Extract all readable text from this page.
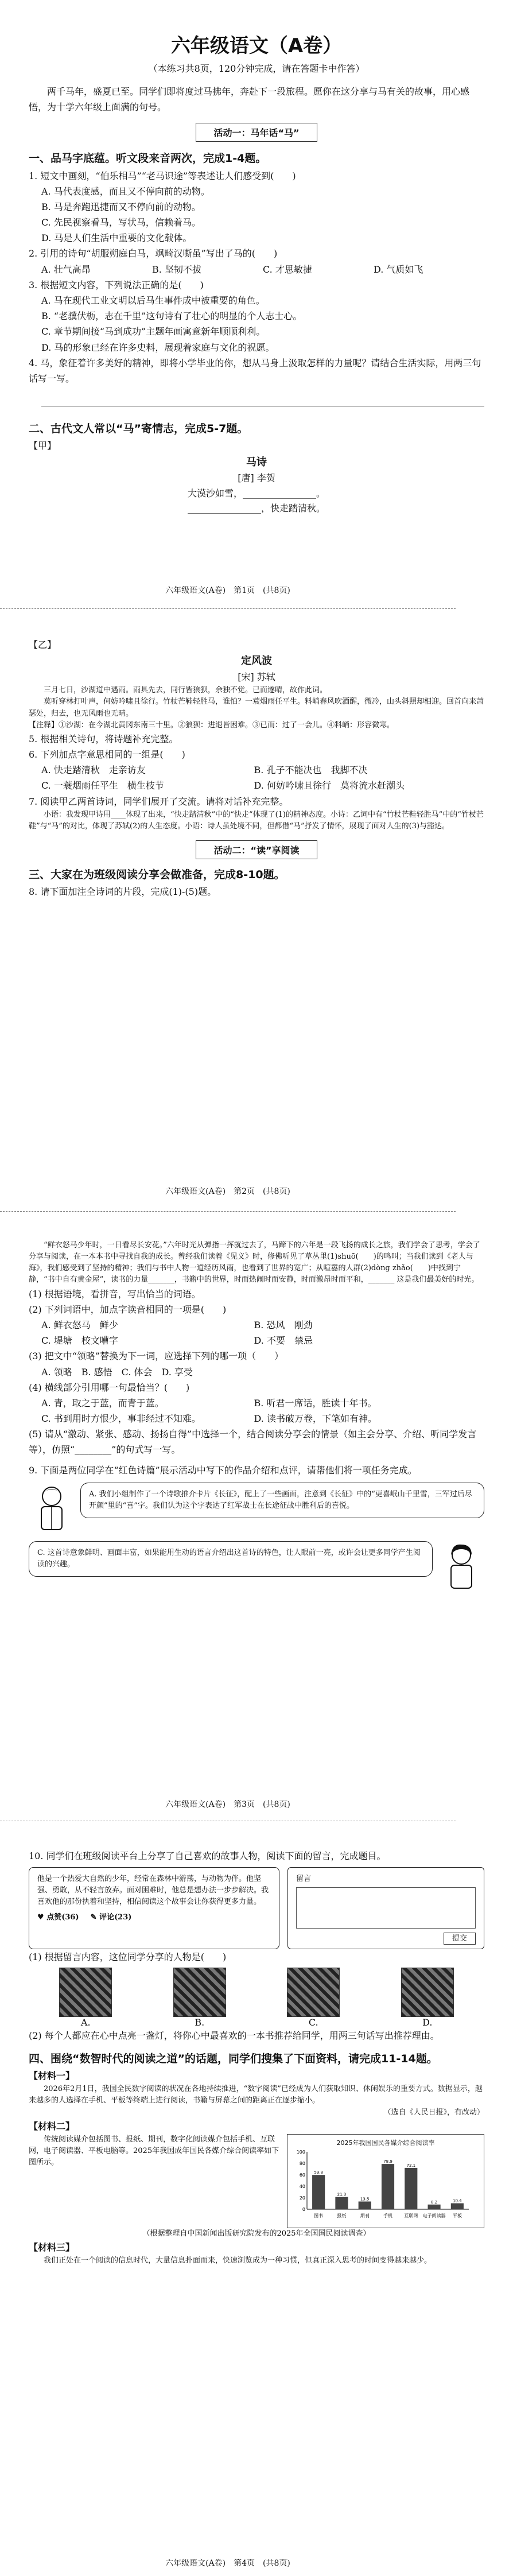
六年级语文（A卷）

（本练习共8页，120分钟完成，请在答题卡中作答）

两千马年，盛夏已至。同学们即将度过马拂年，奔赴下一段旅程。愿你在这分享与马有关的故事，用心感悟，为十学六年级上面满的句号。

活动一：马年话“马”

一、品马字底蕴。听文段来音两次，完成1-4题。

1. 短文中画刻，“伯乐相马”“老马识途”等表述让人们感受到(　　)

A. 马代表度感，而且又不停向前的动物。

B. 马是奔跑迅捷而又不停向前的动物。

C. 先民视察看马，写状马，信赖着马。

D. 马是人们生活中重要的文化载体。

2. 引用的诗句“胡服朔庭白马，飒畸汉嘶虽”写出了马的(　　)

A. 壮气高昂	B. 坚韧不拔	C. 才思敏捷	D. 气质如飞

3. 根据短文内容，下列说法正确的是(　　)

A. 马在现代工业文明以后马生事件成中被重要的角色。

B. “老骥伏枥，志在千里”这句诗有了壮心的明显的个人志士心。

C. 章节期间接“马到成功”主题年画寓意新年顺顺利利。

D. 马的形象已经在许多史料，展现着家庭与文化的祝愿。

4. 马，象征着许多美好的精神，即将小学毕业的你，想从马身上汲取怎样的力量呢？请结合生活实际，用两三句话写一写。

二、古代文人常以“马”寄情志，完成5-7题。

【甲】

马诗

[唐] 李贺

大漠沙如雪，________________。

________________，快走踏清秋。

六年级语文(A卷)　第1页　(共8页)

【乙】

定风波

[宋] 苏轼

三月七日，沙湖道中遇雨。雨具先去，同行皆狼狈，余独不觉。已而遂晴，故作此词。

莫听穿林打叶声，何妨吟啸且徐行。竹杖芒鞋轻胜马，谁怕？一蓑烟雨任平生。料峭春风吹酒醒，微冷，山头斜照却相迎。回首向来萧瑟处，归去，也无风雨也无晴。

【注释】①沙湖：在今湖北黄冈东南三十里。②狼狈：进退皆困难。③已而：过了一会儿。④料峭：形容微寒。

5. 根据相关诗句，将诗题补充完整。

6. 下列加点字意思相同的一组是(　　)

A. 快走踏清秋　走亲访友	B. 孔子不能决也　我脚不决
C. 一蓑烟雨任平生　横生枝节	D. 何妨吟啸且徐行　莫将流水赶潮头

7. 阅读甲乙两首诗词，同学们展开了交流。请将对话补充完整。

小语：我发现甲诗用____体现了出来，“快走踏清秋”中的“快走”体现了(1)的精神态度。小诗：乙词中有“竹杖芒鞋轻胜马”中的“竹杖芒鞋”与“马”的对比，体现了苏轼(2)的人生态度。小语：诗人虽处境不同，但都借“马”抒发了情怀，展现了面对人生的(3)与豁达。

活动二：“读”享阅读

三、大家在为班级阅读分享会做准备，完成8-10题。

8. 请下面加注全诗词的片段，完成(1)-(5)题。

六年级语文(A卷)　第2页　(共8页)

“鲜衣怒马少年时，一日看尽长安花。”六年时光从弹指一挥就过去了，马蹄下的六年是一段飞扬的成长之旅，我们学会了思考，学会了分享与阅读，在一本本书中寻找自我的成长。曾经我们读着《见义》时，修佛听见了草丛里(1)shuō(　　)的鸣叫；当我们读到《老人与海》，我们感受到了坚持的精神；我们与书中人物一道经历风雨，也看到了世界的宽广；从喧嚣的人群(2)dòng zhǎo(　　)中找到宁静，“书中自有黄金屋”，读书的力量_______，书籍中的世界，时而热闹时而安静，时而激昂时而平和，_______ 这是我们最美好的时光。

(1) 根据语境，看拼音，写出恰当的词语。

(2) 下列词语中，加点字读音相同的一项是(　　)

A. 鲜衣怒马　鲜少	B. 恐风　刚劲
C. 堤塘　校文嘈字	D. 不要　禁忌

(3) 把文中“领略”替换为下一词，应选择下列的哪一项（　　）

A. 领略　B. 感悟　C. 体会　D. 享受

(4) 横线部分引用哪一句最恰当？(　　)

A. 青，取之于蓝，而青于蓝。	B. 听君一席话，胜读十年书。
C. 书到用时方恨少，事非经过不知难。	D. 读书破万卷，下笔如有神。

(5) 请从“激动、紧张、感动、扬扬自得”中选择一个，结合阅读分享会的情景（如主会分享、介绍、听同学发言等），仿照“________”的句式写一写。

9. 下面是两位同学在“红色诗篇”展示活动中写下的作品介绍和点评，请帮他们将一项任务完成。

A. 我们小组制作了一个诗歌推介卡片《长征》，配上了一些画面，注意到《长征》中的“更喜岷山千里雪，三军过后尽开颜”里的“喜”字。我们认为这个字表达了红军战士在长途征战中胜利后的喜悦。
C. 这首诗意象鲜明、画面丰富，如果能用生动的语言介绍出这首诗的特色，让人眼前一亮，或许会让更多同学产生阅读的兴趣。
六年级语文(A卷)　第3页　(共8页)

10. 同学们在班级阅读平台上分享了自己喜欢的故事人物，阅读下面的留言，完成题目。

他是一个热爱大自然的少年，经常在森林中游荡，与动物为伴。他坚强、勇敢，从不轻言放弃。面对困难时，他总是想办法一步步解决。我喜欢他的那份执着和坚持，相信阅读这个故事会让你获得更多力量。
♥ 点赞(36) ✎ 评论(23)
留言
提交

(1) 根据留言内容，这位同学分享的人物是(　　)

A.	B.	C.	D.

(2) 每个人都应在心中点亮一盏灯，将你心中最喜欢的一本书推荐给同学，用两三句话写出推荐理由。

四、围绕“数智时代的阅读之道”的话题，同学们搜集了下面资料，请完成11-14题。

【材料一】

2026年2月1日，我国全民数字阅读的状况在各地持续推进，“数字阅读”已经成为人们获取知识、休闲娱乐的重要方式。数据显示，越来越多的人选择在手机、平板等终端上进行阅读，书籍与屏幕之间的距离正在逐步缩小。

（选自《人民日报》，有改动）

【材料二】

传统阅读媒介包括图书、报纸、期刊，数字化阅读媒介包括手机、互联网，电子阅读器、平板电脑等。2025年我国成年国民各媒介综合阅读率如下图所示。

2025年我国国民各媒介综合阅读率
0
20
40
60
80
100
59.8
图书
21.3
报纸
13.5
期刊
78.9
手机
72.1
互联网
8.2
电子阅读器
10.4
平板

（根据整理自中国新闻出版研究院发布的2025年全国国民阅读调查）

【材料三】

我们正处在一个阅读的信息时代，大量信息扑面而来，快速浏览成为一种习惯，但真正深入思考的时间变得越来越少。

六年级语文(A卷)　第4页　(共8页)
